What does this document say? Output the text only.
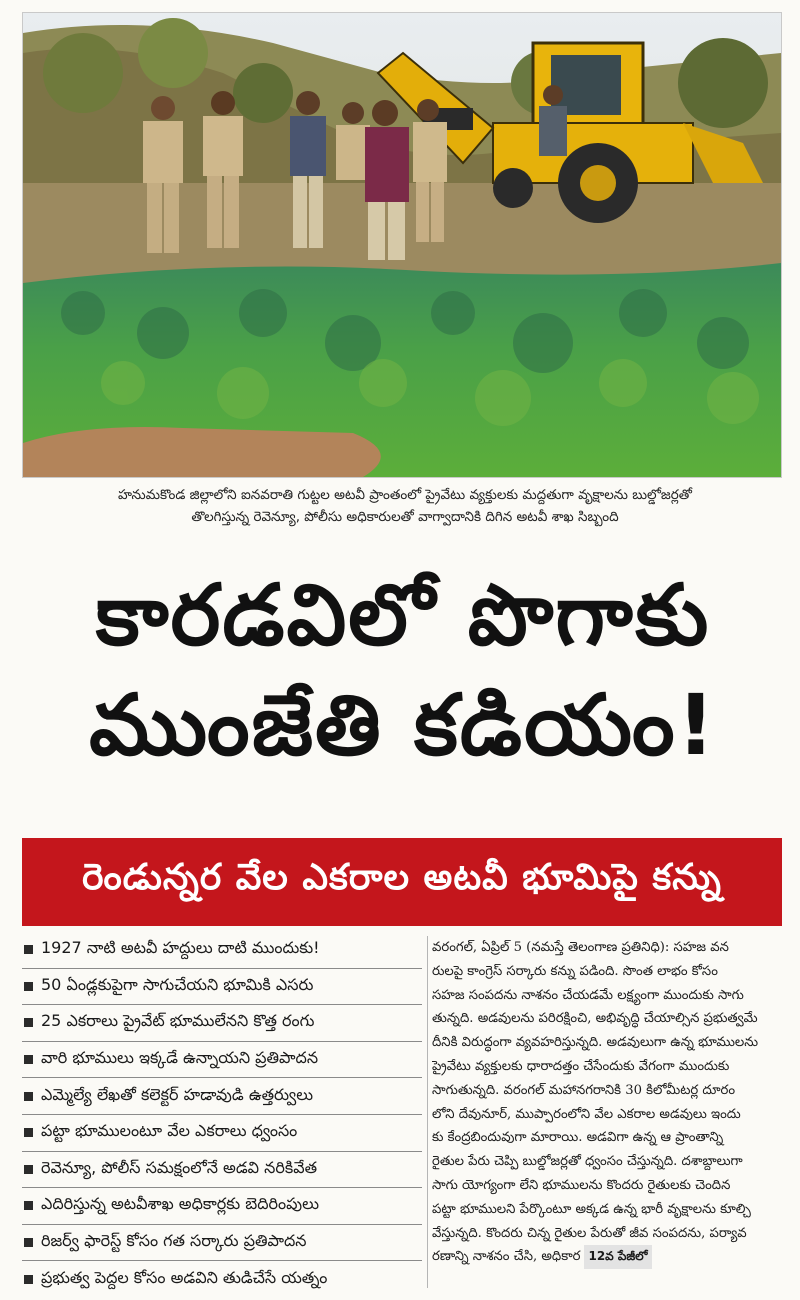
హనుమకొండ జిల్లాలోని ఐనవరాతి గుట్టల అటవీ ప్రాంతంలో ప్రైవేటు వ్యక్తులకు మద్దతుగా వృక్షాలను బుల్డోజర్లతో
తొలగిస్తున్న రెవెన్యూ, పోలీసు అధికారులతో వాగ్వాదానికి దిగిన అటవీ శాఖ సిబ్బంది
కారడవిలో పొగాకు
ముంజేతి కడియం!
రెండున్నర వేల ఎకరాల అటవీ భూమిపై కన్ను
1927 నాటి అటవీ హద్దులు దాటి ముందుకు!
50 ఏండ్లకుపైగా సాగుచేయని భూమికి ఎసరు
25 ఎకరాలు ప్రైవేట్ భూములేనని కొత్త రంగు
వారి భూములు ఇక్కడే ఉన్నాయని ప్రతిపాదన
ఎమ్మెల్యే లేఖతో కలెక్టర్ హడావుడి ఉత్తర్వులు
పట్టా భూములంటూ వేల ఎకరాలు ధ్వంసం
రెవెన్యూ, పోలీస్ సమక్షంలోనే అడవి నరికివేత
ఎదిరిస్తున్న అటవీశాఖ అధికార్లకు బెదిరింపులు
రిజర్వ్ ఫారెస్ట్ కోసం గత సర్కారు ప్రతిపాదన
ప్రభుత్వ పెద్దల కోసం అడవిని తుడిచేసే యత్నం
వరంగల్, ఏప్రిల్ 5 (నమస్తే తెలంగాణ ప్రతినిధి): సహజ వన
రులపై కాంగ్రెస్ సర్కారు కన్ను పడింది. సొంత లాభం కోసం
సహజ సంపదను నాశనం చేయడమే లక్ష్యంగా ముందుకు సాగు
తున్నది. అడవులను పరిరక్షించి, అభివృద్ధి చేయాల్సిన ప్రభుత్వమే
దీనికి విరుద్ధంగా వ్యవహరిస్తున్నది. అడవులుగా ఉన్న భూములను
ప్రైవేటు వ్యక్తులకు ధారాదత్తం చేసేందుకు వేగంగా ముందుకు
సాగుతున్నది. వరంగల్ మహానగరానికి 30 కిలోమీటర్ల దూరం
లోని దేవునూర్, ముప్పారంలోని వేల ఎకరాల అడవులు ఇందు
కు కేంద్రబిందువుగా మారాయి. అడవిగా ఉన్న ఆ ప్రాంతాన్ని
రైతుల పేరు చెప్పి బుల్డోజర్లతో ధ్వంసం చేస్తున్నది. దశాబ్దాలుగా
సాగు యోగ్యంగా లేని భూములను కొందరు రైతులకు చెందిన
పట్టా భూములని పేర్కొంటూ అక్కడ ఉన్న భారీ వృక్షాలను కూల్చి
వేస్తున్నది. కొందరు చిన్న రైతుల పేరుతో జీవ సంపదను, పర్యావ
రణాన్ని నాశనం చేసి, అధికార 12వ పేజీలో
